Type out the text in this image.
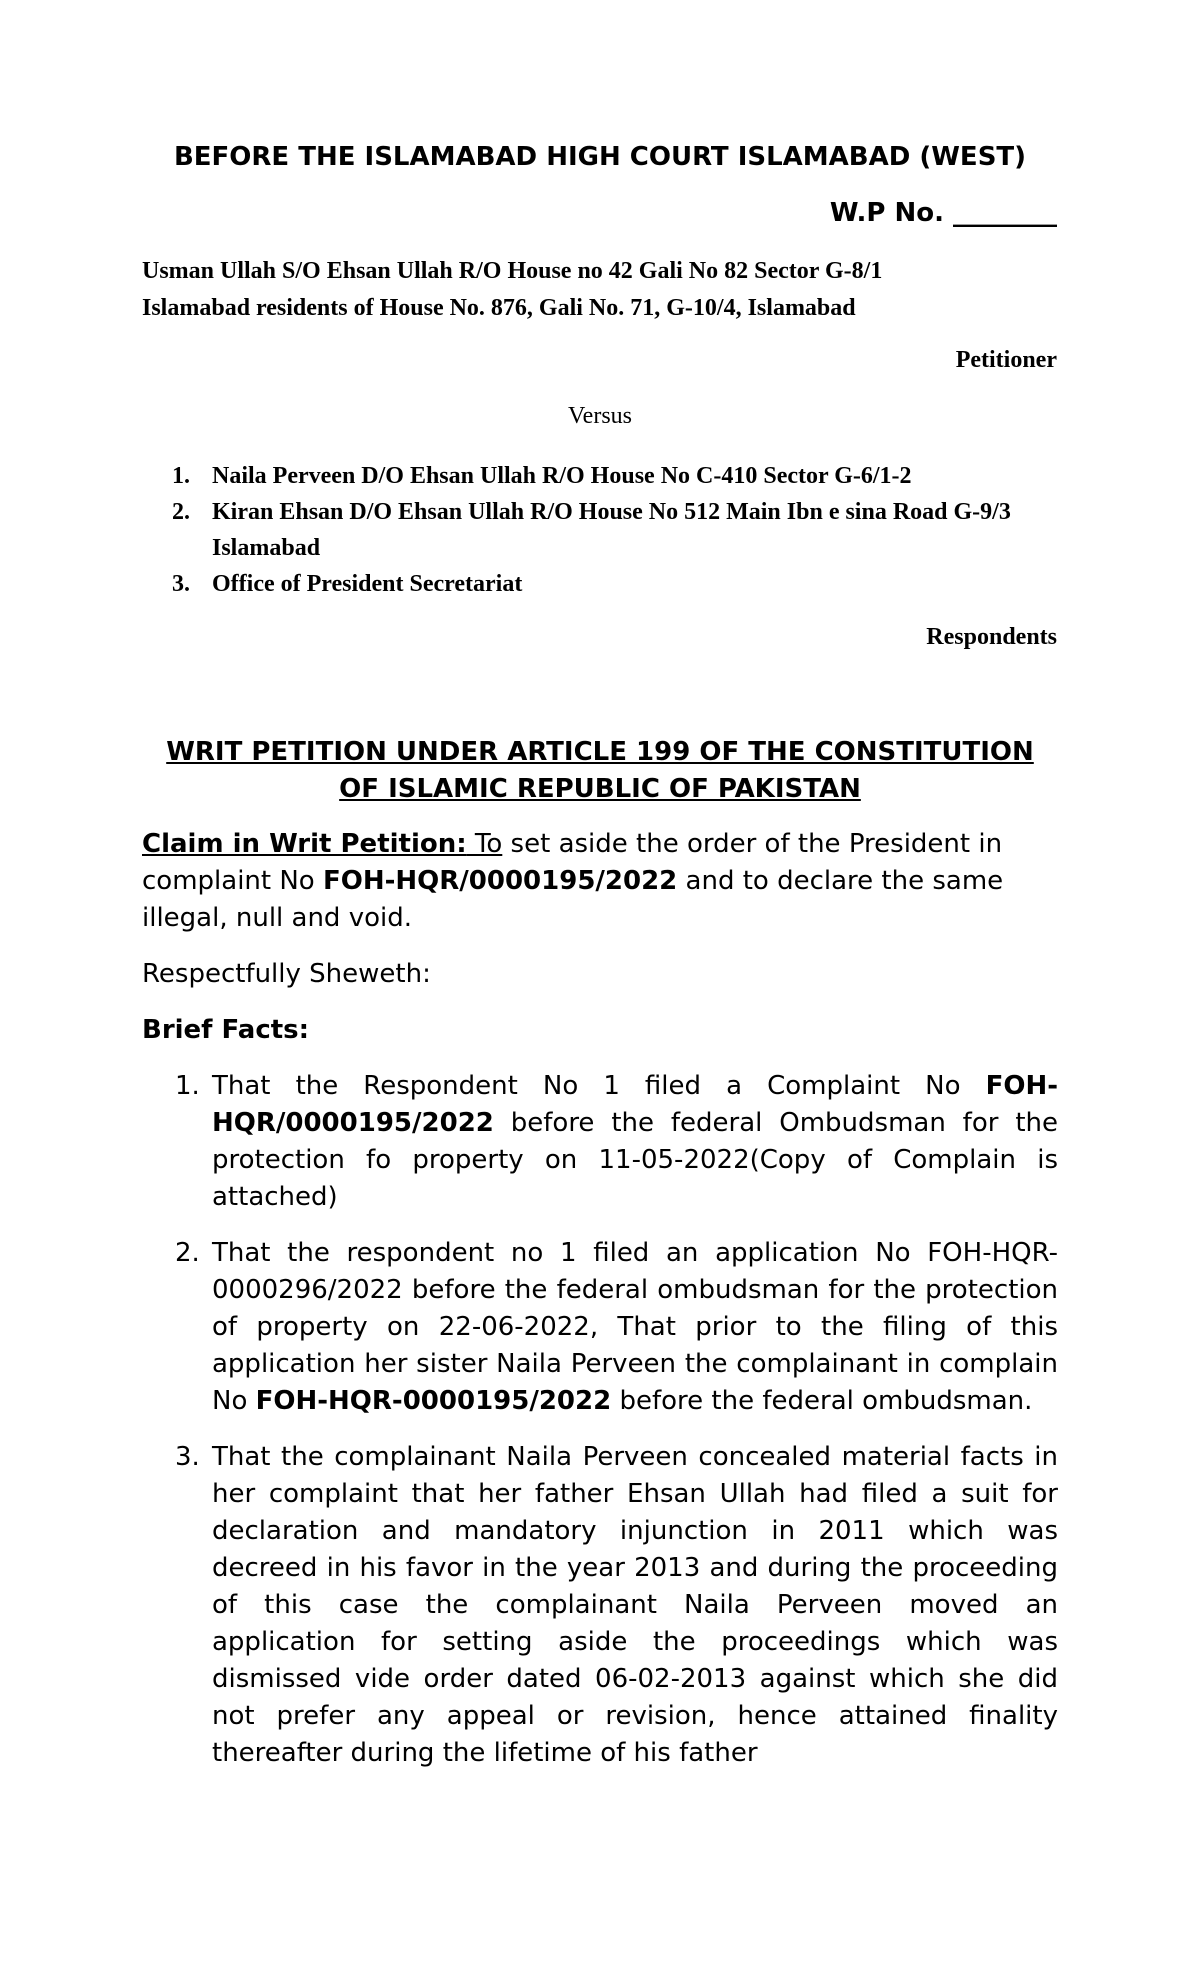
BEFORE THE ISLAMABAD HIGH COURT ISLAMABAD (WEST)
W.P No. ________
Usman Ullah S/O Ehsan Ullah R/O House no 42 Gali No 82 Sector G-8/1
Islamabad residents of House No. 876, Gali No. 71, G-10/4, Islamabad
Petitioner
Versus
1. Naila Perveen D/O Ehsan Ullah R/O House No C-410 Sector G-6/1-2
2. Kiran Ehsan D/O Ehsan Ullah R/O House No 512 Main Ibn e sina Road G-9/3 Islamabad
3. Office of President Secretariat
Respondents
WRIT PETITION UNDER ARTICLE 199 OF THE CONSTITUTION
OF ISLAMIC REPUBLIC OF PAKISTAN
Claim in Writ Petition: To set aside the order of the President in complaint No FOH-HQR/0000195/2022 and to declare the same illegal, null and void.
Respectfully Sheweth:
Brief Facts:
1. That the Respondent No 1 filed a Complaint No FOH-HQR/0000195/2022 before the federal Ombudsman for the protection fo property on 11-05-2022(Copy of Complain is attached)
2. That the respondent no 1 filed an application No FOH-HQR-0000296/2022 before the federal ombudsman for the protection of property on 22-06-2022, That prior to the filing of this application her sister Naila Perveen the complainant in complain No FOH-HQR-0000195/2022 before the federal ombudsman.
3. That the complainant Naila Perveen concealed material facts in her complaint that her father Ehsan Ullah had filed a suit for declaration and mandatory injunction in 2011 which was decreed in his favor in the year 2013 and during the proceeding of this case the complainant Naila Perveen moved an application for setting aside the proceedings which was dismissed vide order dated 06-02-2013 against which she did not prefer any appeal or revision, hence attained finality thereafter during the lifetime of his father
